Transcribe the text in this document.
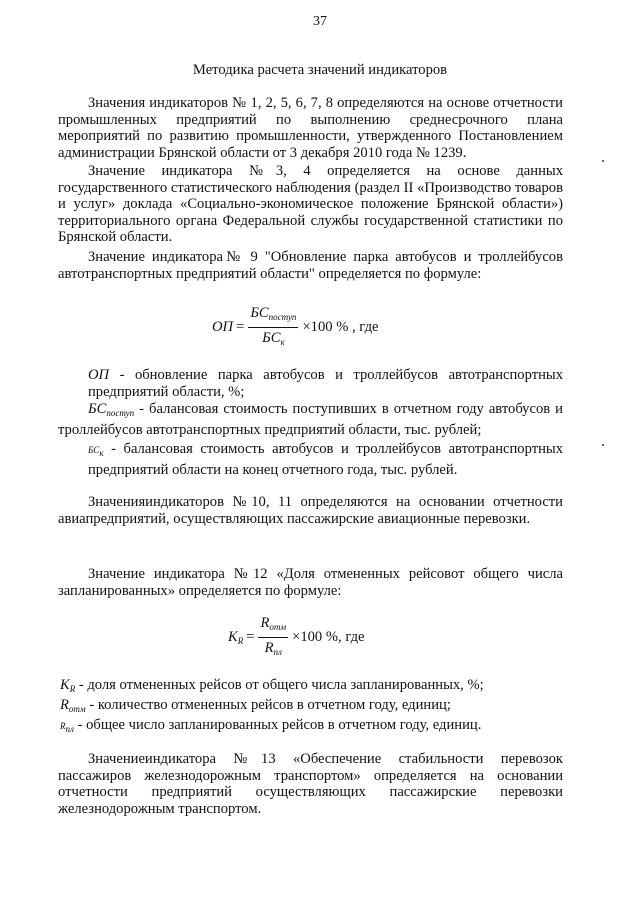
37
Методика расчета значений индикаторов
Значения индикаторов № 1, 2, 5, 6, 7, 8 определяются на основе отчетности промышленных предприятий по выполнению среднесрочного плана мероприятий по развитию промышленности, утвержденного Постановлением администрации Брянской области от 3 декабря 2010 года № 1239.
Значение индикатора №3, 4 определяется на основе данных государственного статистического наблюдения (раздел II «Производство товаров и услуг» доклада «Социально-экономическое положение Брянской области») территориального органа Федеральной службы государственной статистики по Брянской области.
Значение индикатора№ 9 "Обновление парка автобусов и троллейбусов автотранспортных предприятий области" определяется по формуле:
ОП = $\frac{БС_{поступ}}{БС_к} \times 100$ % , где
ОП - обновление парка автобусов и троллейбусов автотранспортных предприятий области, %;
$БС_{поступ}$ - балансовая стоимость поступивших в отчетном году автобусов и троллейбусов автотранспортных предприятий области, тыс. рублей;
$БС_к$ - балансовая стоимость автобусов и троллейбусов автотранспортных предприятий области на конец отчетного года, тыс. рублей.
Значенияиндикаторов №10, 11 определяются на основании отчетности авиапредприятий, осуществляющих пассажирские авиационные перевозки.
Значение индикатора №12 «Доля отмененных рейсовот общего числа запланированных» определяется по формуле:
$К_R = \frac{R_{отм}}{R_{пл}} \times 100$ %, где
$К_R$ - доля отмененных рейсов от общего числа запланированных, %;
$R_{отм}$ - количество отмененных рейсов в отчетном году, единиц;
$R_{пл}$ - общее число запланированных рейсов в отчетном году, единиц.
Значениеиндикатора №13 «Обеспечение стабильности перевозок пассажиров железнодорожным транспортом» определяется на основании отчетности предприятий осуществляющих пассажирские перевозки железнодорожным транспортом.
